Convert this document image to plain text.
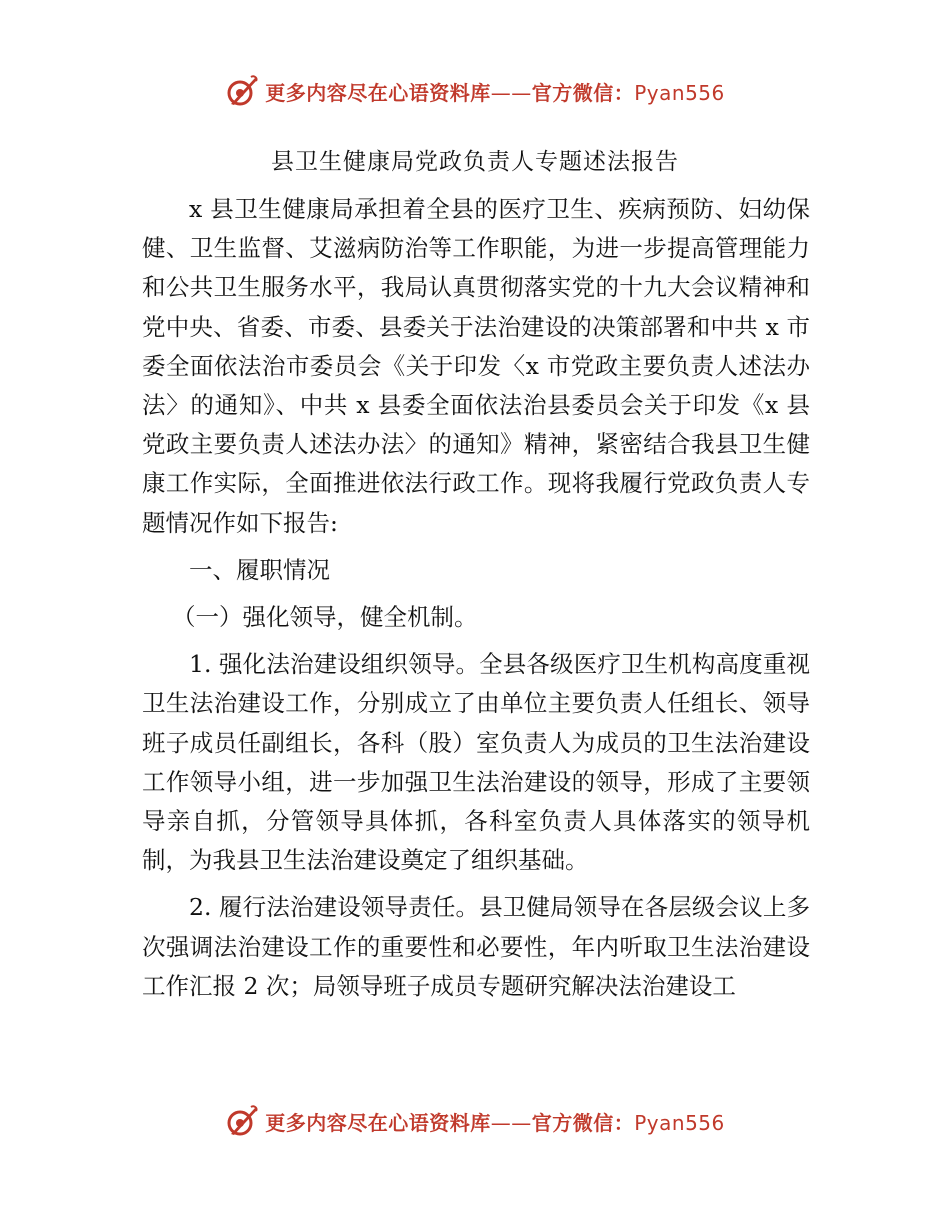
更多内容尽在心语资料库——官方微信：Pyan556
县卫生健康局党政负责人专题述法报告

x 县卫生健康局承担着全县的医疗卫生、疾病预防、妇幼保健、卫生监督、艾滋病防治等工作职能，为进一步提高管理能力和公共卫生服务水平，我局认真贯彻落实党的十九大会议精神和党中央、省委、市委、县委关于法治建设的决策部署和中共 x 市委全面依法治市委员会《关于印发〈x 市党政主要负责人述法办法〉的通知》、中共 x 县委全面依法治县委员会关于印发《x 县党政主要负责人述法办法〉的通知》精神，紧密结合我县卫生健康工作实际，全面推进依法行政工作。现将我履行党政负责人专题情况作如下报告:

一、履职情况

（一）强化领导，健全机制。

1. 强化法治建设组织领导。全县各级医疗卫生机构高度重视卫生法治建设工作，分别成立了由单位主要负责人任组长、领导班子成员任副组长，各科（股）室负责人为成员的卫生法治建设工作领导小组，进一步加强卫生法治建设的领导，形成了主要领导亲自抓，分管领导具体抓，各科室负责人具体落实的领导机制，为我县卫生法治建设奠定了组织基础。

2. 履行法治建设领导责任。县卫健局领导在各层级会议上多次强调法治建设工作的重要性和必要性，年内听取卫生法治建设工作汇报 2 次；局领导班子成员专题研究解决法治建设工

更多内容尽在心语资料库——官方微信：Pyan556
